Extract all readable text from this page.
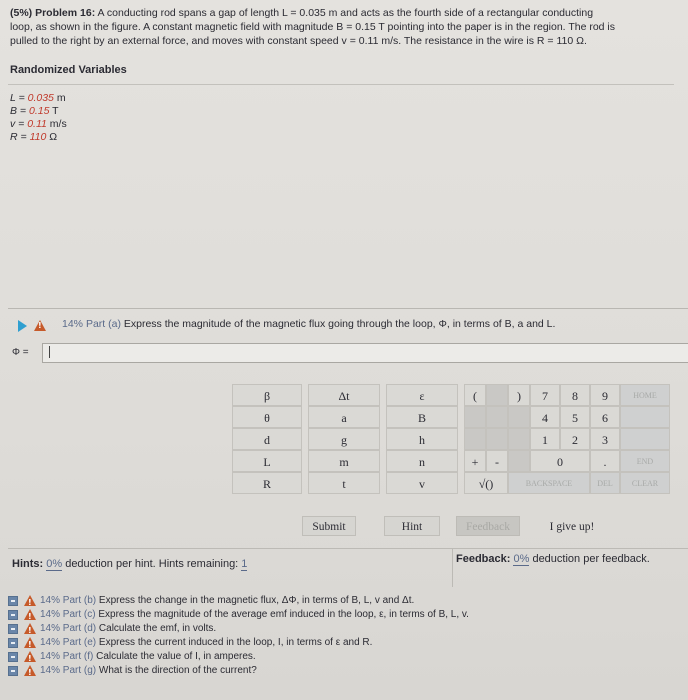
(5%) Problem 16: A conducting rod spans a gap of length L = 0.035 m and acts as the fourth side of a rectangular conducting
loop, as shown in the figure. A constant magnetic field with magnitude B = 0.15 T pointing into the paper is in the region. The rod is
pulled to the right by an external force, and moves with constant speed v = 0.11 m/s. The resistance in the wire is R = 110 Ω.
Randomized Variables
L = 0.035 m
B = 0.15 T
v = 0.11 m/s
R = 110 Ω
!
14% Part (a) Express the magnitude of the magnetic flux going through the loop, Φ, in terms of B, a and L.
Φ =
β
θ
d
L
R
Δt
a
g
m
t
ε
B
h
n
v
(	)
+	-
√()
7	8	9
4	5	6
1	2	3
0	.
BACKSPACE	DEL
HOME
END
CLEAR
Submit	Hint	Feedback	I give up!
Hints: 0% deduction per hint. Hints remaining: 1	Feedback: 0% deduction per feedback.
!
14% Part (b) Express the change in the magnetic flux, ΔΦ, in terms of B, L, v and Δt.
!
14% Part (c) Express the magnitude of the average emf induced in the loop, ε, in terms of B, L, v.
!
14% Part (d) Calculate the emf, in volts.
!
14% Part (e) Express the current induced in the loop, I, in terms of ε and R.
!
14% Part (f) Calculate the value of I, in amperes.
!
14% Part (g) What is the direction of the current?
